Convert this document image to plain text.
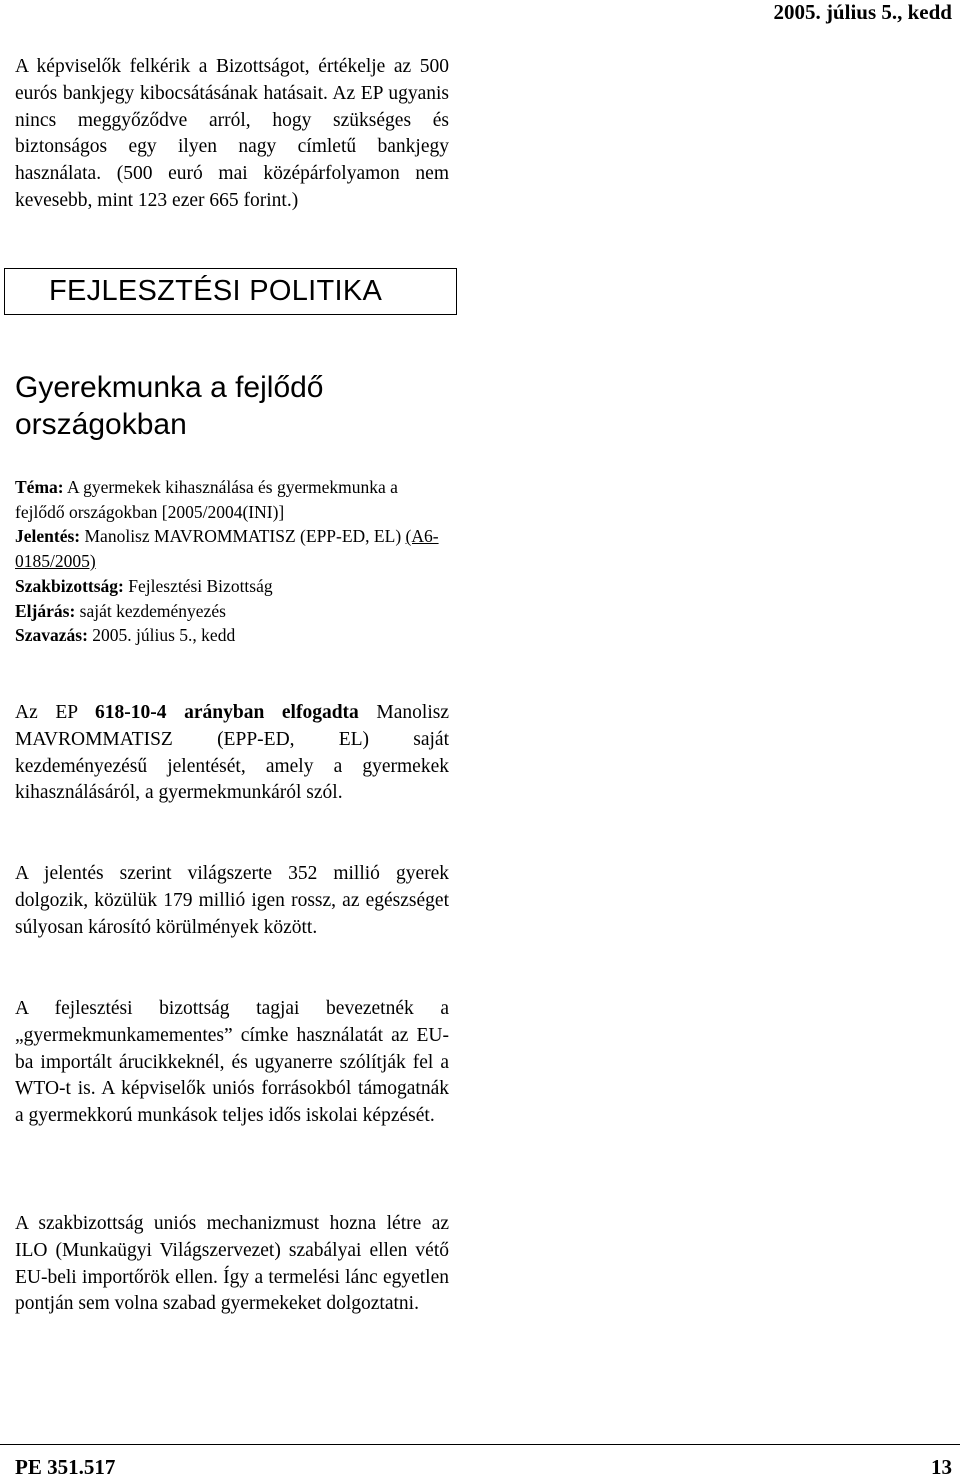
2005. július 5., kedd

A képviselők felkérik a Bizottságot, értékelje az 500 eurós bankjegy kibocsátásának hatásait. Az EP ugyanis nincs meggyőződve arról, hogy szükséges és biztonságos egy ilyen nagy címletű bankjegy használata. (500 euró mai középárfolyamon nem kevesebb, mint 123 ezer 665 forint.)

FEJLESZTÉSI POLITIKA
Gyerekmunka a fejlődő országokban

Téma: A gyermekek kihasználása és gyermekmunka a fejlődő országokban [2005/2004(INI)]

Jelentés: Manolisz MAVROMMATISZ (EPP-ED, EL) (A6-0185/2005)

Szakbizottság: Fejlesztési Bizottság

Eljárás: saját kezdeményezés

Szavazás: 2005. július 5., kedd

Az EP 618-10-4 arányban elfogadta Manolisz MAVROMMATISZ (EPP-ED, EL) saját kezdeményezésű jelentését, amely a gyermekek kihasználásáról, a gyermekmunkáról szól.

A jelentés szerint világszerte 352 millió gyerek dolgozik, közülük 179 millió igen rossz, az egészséget súlyosan károsító körülmények között.

A fejlesztési bizottság tagjai bevezetnék a „gyermekmunkamementes” címke használatát az EU-ba importált árucikkeknél, és ugyanerre szólítják fel a WTO-t is. A képviselők uniós forrásokból támogatnák a gyermekkorú munkások teljes idős iskolai képzését.

A szakbizottság uniós mechanizmust hozna létre az ILO (Munkaügyi Világszervezet) szabályai ellen vétő EU-beli importőrök ellen. Így a termelési lánc egyetlen pontján sem volna szabad gyermekeket dolgoztatni.

PE 351.517	13
